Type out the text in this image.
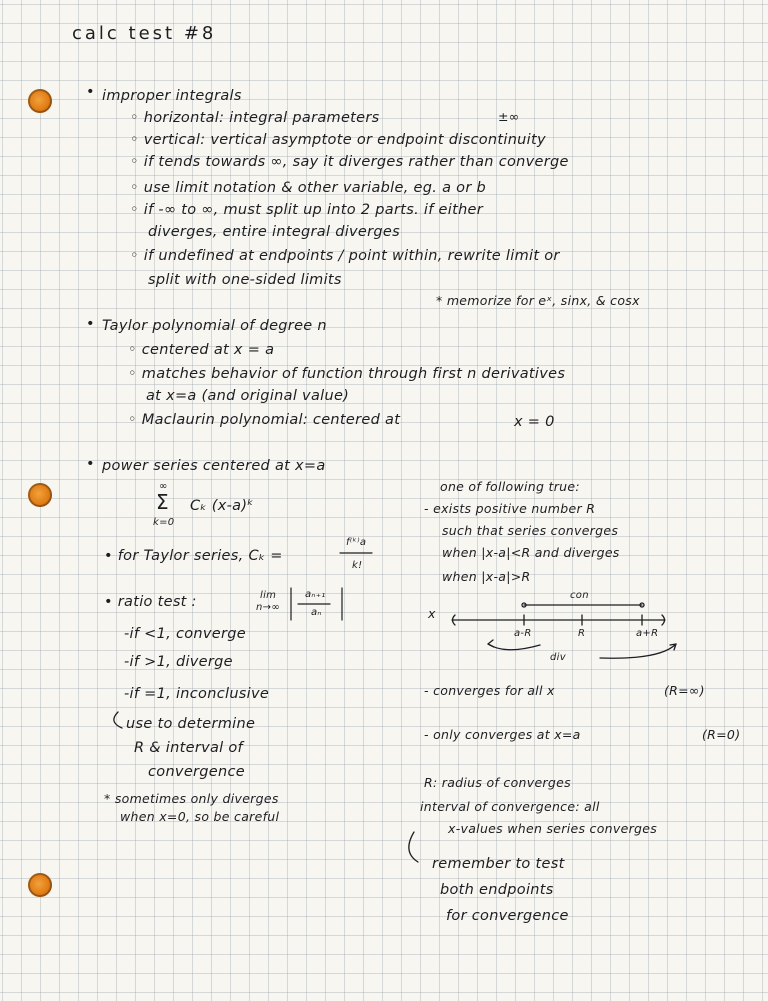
calc test #8
• improper integrals
◦ horizontal: integral parameters	±∞
◦ vertical: vertical asymptote or endpoint discontinuity
◦ if tends towards ∞, say it diverges rather than converge
◦ use limit notation & other variable, eg. a or b
◦ if -∞ to ∞, must split up into 2 parts. if either
diverges, entire integral diverges
◦ if undefined at endpoints / point within, rewrite limit or
split with one-sided limits
* memorize for eˣ, sinx, & cosx
• Taylor polynomial of degree n
◦ centered at x = a
◦ matches behavior of function through first n derivatives
at x=a (and original value)
◦ Maclaurin polynomial: centered at	x = 0
• power series centered at x=a
∞
Σ
k=0
Cₖ (x-a)ᵏ
• for Taylor series, Cₖ =
f⁽ᵏ⁾a
k!
• ratio test :	lim
n→∞
aₙ₊₁
aₙ
-if <1, converge
-if >1, diverge
-if =1, inconclusive
use to determine
R & interval of
convergence
* sometimes only diverges
when x=0, so be careful
one of following true:
- exists positive number R
such that series converges
when |x-a|<R and diverges
when |x-a|>R
x
con
a-R	R	a+R
div
- converges for all x	(R=∞)
- only converges at x=a	(R=0)
R: radius of converges
interval of convergence: all
x-values when series converges
remember to test
both endpoints
for convergence
